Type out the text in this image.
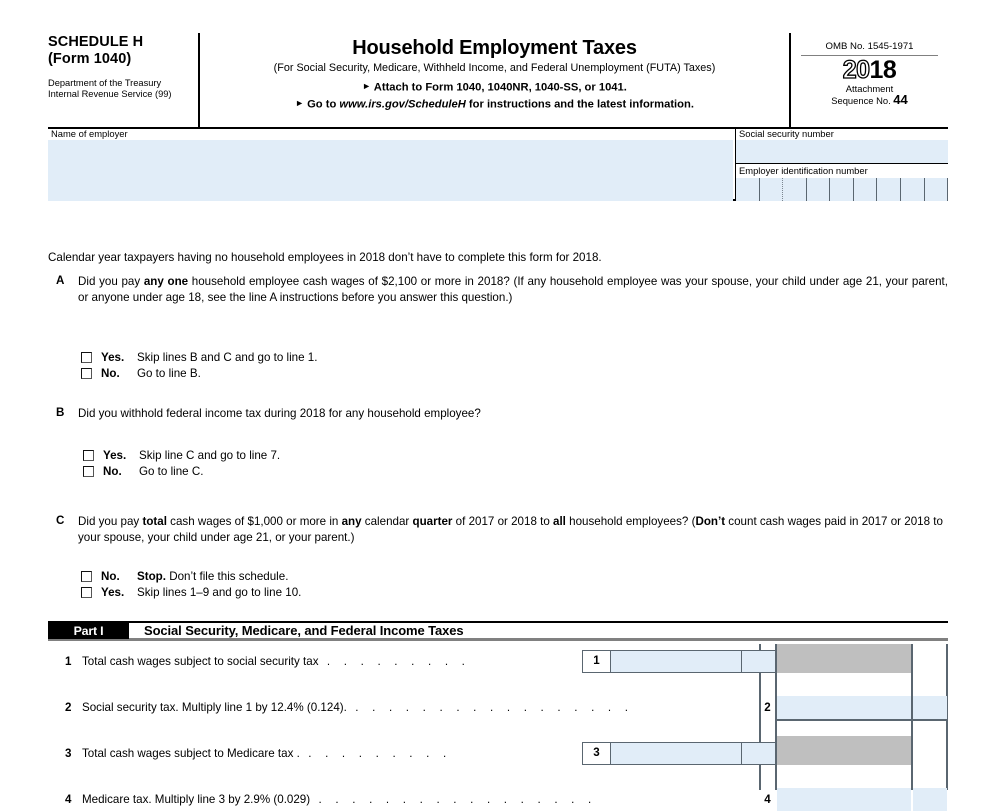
SCHEDULE H
(Form 1040)
Department of the Treasury
Internal Revenue Service (99)
Household Employment Taxes
(For Social Security, Medicare, Withheld Income, and Federal Unemployment (FUTA) Taxes)
► Attach to Form 1040, 1040NR, 1040-SS, or 1041.
► Go to www.irs.gov/ScheduleH for instructions and the latest information.
OMB No. 1545-1971
2018
Attachment
Sequence No. 44
Name of employer	Social security number
Employer identification number
Calendar year taxpayers having no household employees in 2018 don’t have to complete this form for 2018.
A Did you pay any one household employee cash wages of $2,100 or more in 2018? (If any household employee was your spouse, your child under age 21, your parent, or anyone under age 18, see the line A instructions before you answer this question.)
Yes.	Skip lines B and C and go to line 1.
No.	Go to line B.
B Did you withhold federal income tax during 2018 for any household employee?
Yes.	Skip line C and go to line 7.
No.	Go to line C.
C Did you pay total cash wages of $1,000 or more in any calendar quarter of 2017 or 2018 to all household employees? (Don’t count cash wages paid in 2017 or 2018 to your spouse, your child under age 21, or your parent.)
No.	Stop. Don’t file this schedule.
Yes.	Skip lines 1–9 and go to line 10.
Part I	Social Security, Medicare, and Federal Income Taxes
1 Total cash wages subject to social security tax . . . . . . . . .	1
2 Social security tax. Multiply line 1 by 12.4% (0.124). . . . . . . . . . . . . . . . . .	2
3 Total cash wages subject to Medicare tax . . . . . . . . . .	3
4 Medicare tax. Multiply line 3 by 2.9% (0.029) . . . . . . . . . . . . . . . . .	4
